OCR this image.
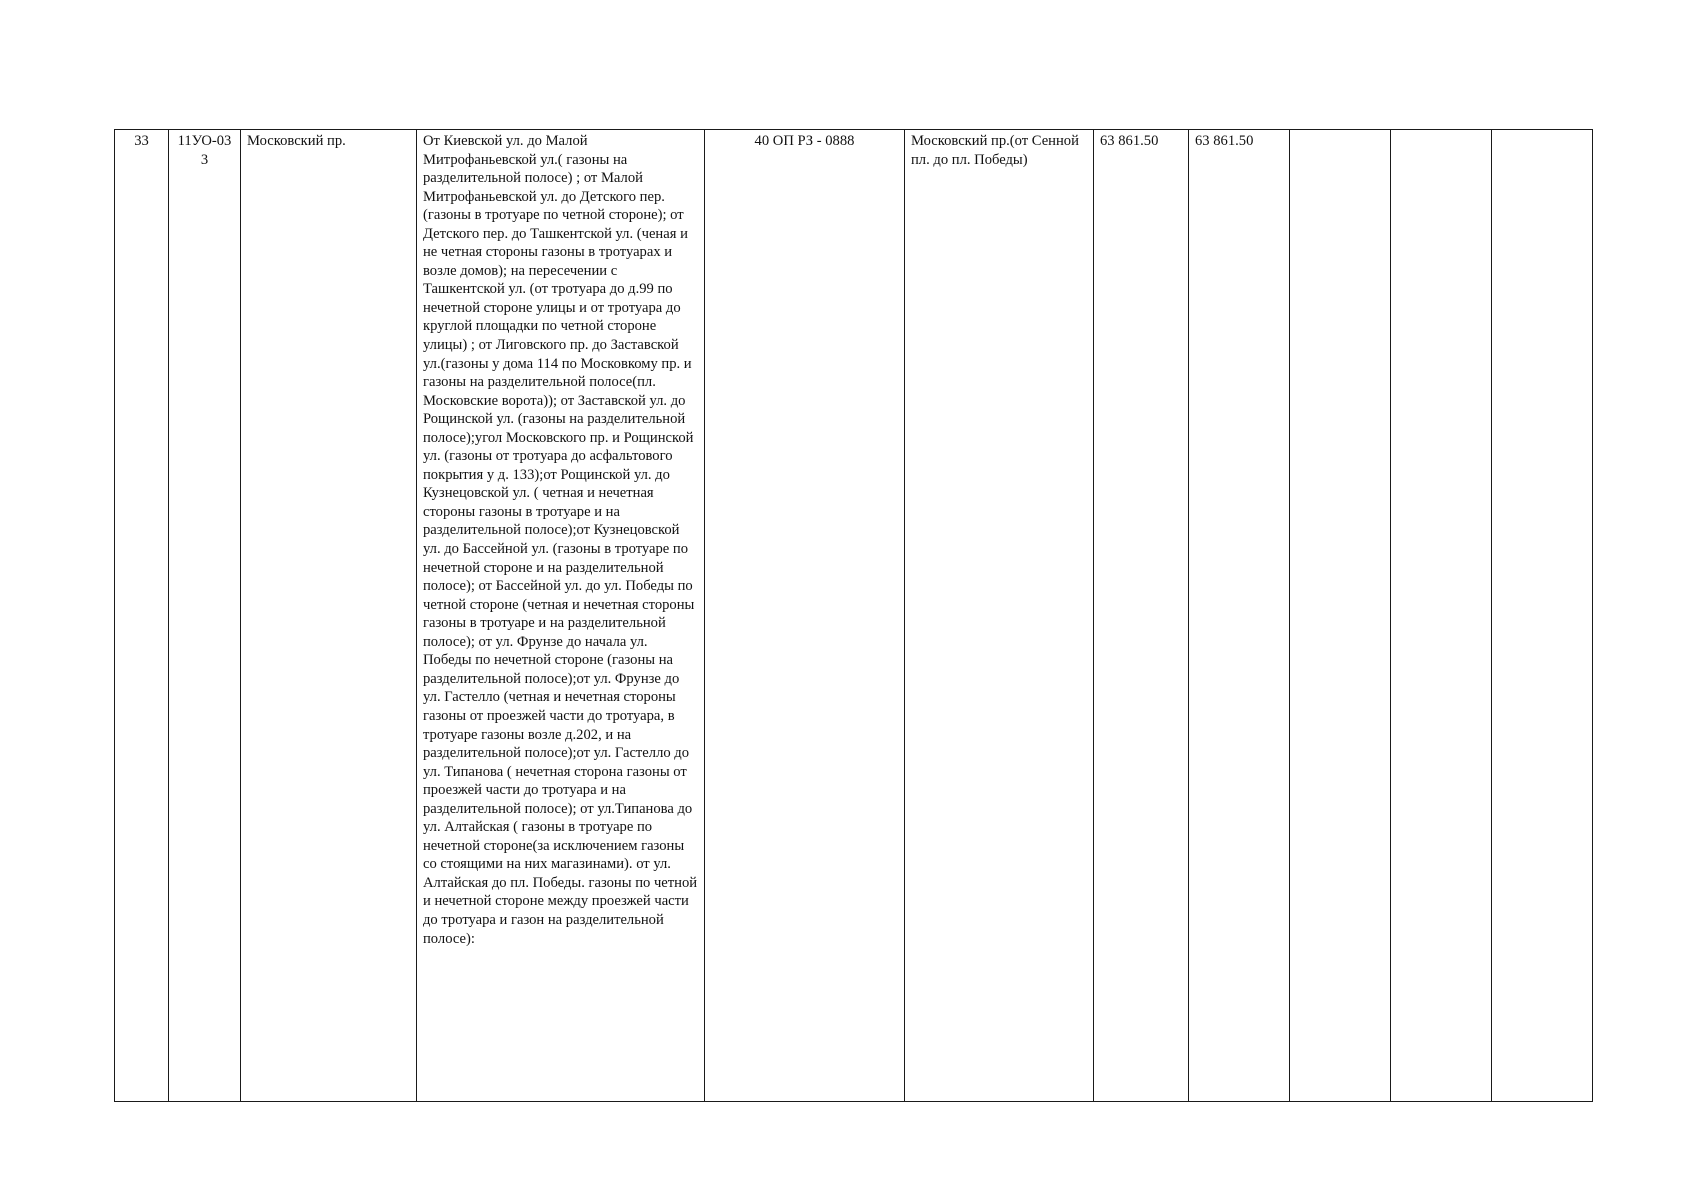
33	11УО-033	Московский пр.	От Киевской ул. до Малой Митрофаньевской ул.( газоны на разделительной полосе) ; от Малой Митрофаньевской ул. до Детского пер. (газоны в тротуаре по четной стороне); от Детского пер. до Ташкентской ул. (ченая и не четная стороны газоны в тротуарах и возле домов); на пересечении с Ташкентской ул. (от тротуара до д.99 по нечетной стороне улицы и от тротуара до круглой площадки по четной стороне улицы) ; от Лиговского пр. до Заставской ул.(газоны у дома 114 по Московкому пр. и газоны на разделительной полосе(пл. Московские ворота)); от Заставской ул. до Рощинской ул. (газоны на разделительной полосе);угол Московского пр. и Рощинской ул. (газоны от тротуара до асфальтового покрытия у д. 133);от Рощинской ул. до Кузнецовской ул. ( четная и нечетная стороны газоны в тротуаре и на разделительной полосе);от Кузнецовской ул. до Бассейной ул. (газоны в тротуаре по нечетной стороне и на разделительной полосе); от Бассейной ул. до ул. Победы по четной стороне (четная и нечетная стороны газоны в тротуаре и на разделительной полосе); от ул. Фрунзе до начала ул. Победы по нечетной стороне (газоны на разделительной полосе);от ул. Фрунзе до ул. Гастелло (четная и нечетная стороны газоны от проезжей части до тротуара, в тротуаре газоны возле д.202, и на разделительной полосе);от ул. Гастелло до ул. Типанова ( нечетная сторона газоны от проезжей части до тротуара и на разделительной полосе); от ул.Типанова до ул. Алтайская ( газоны в тротуаре по нечетной стороне(за исключением газоны со стоящими на них магазинами). от ул. Алтайская до пл. Победы. газоны по четной и нечетной стороне между проезжей части до тротуара и газон на разделительной полосе):	40 ОП РЗ - 0888	Московский пр.(от Сенной пл. до пл. Победы)	63 861.50	63 861.50			
